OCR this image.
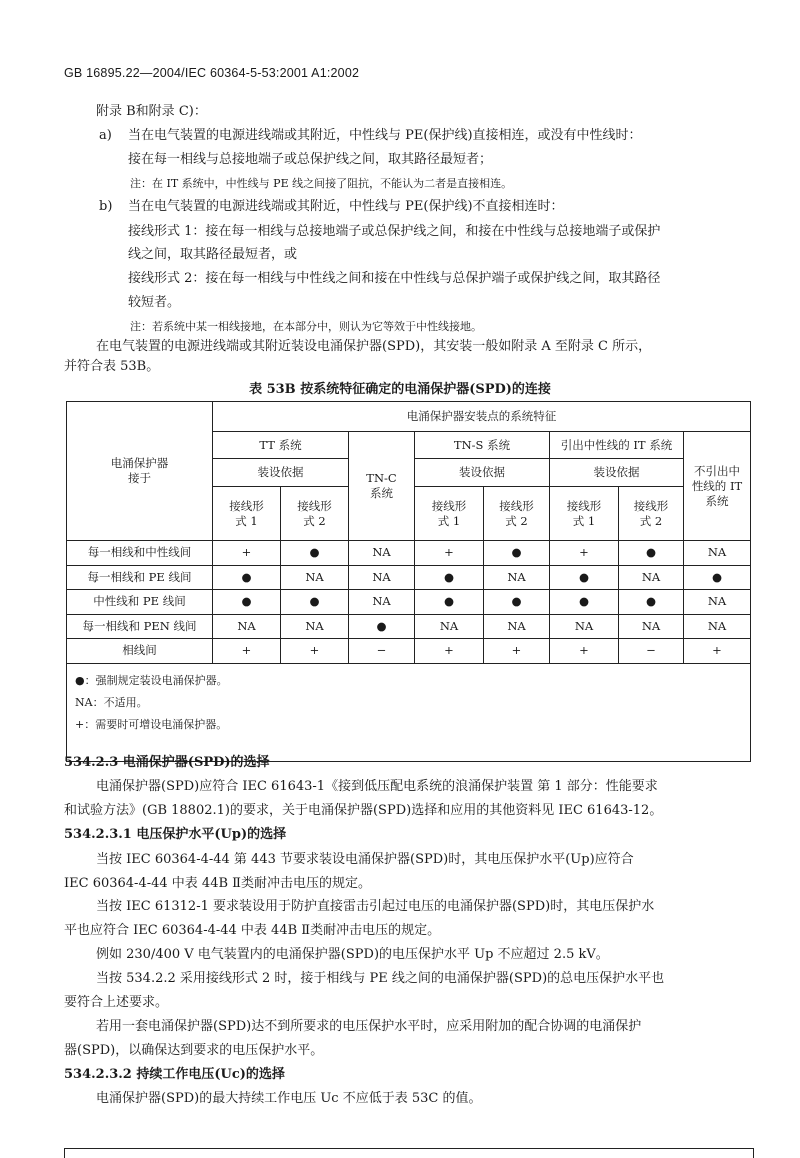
GB 16895.22—2004/IEC 60364-5-53:2001 A1:2002
附录 B和附录 C)：
a) 当在电气装置的电源进线端或其附近，中性线与 PE(保护线)直接相连，或没有中性线时：
接在每一相线与总接地端子或总保护线之间，取其路径最短者；
注：在 IT 系统中，中性线与 PE 线之间接了阻抗，不能认为二者是直接相连。
b) 当在电气装置的电源进线端或其附近，中性线与 PE(保护线)不直接相连时：
接线形式 1：接在每一相线与总接地端子或总保护线之间，和接在中性线与总接地端子或保护
线之间，取其路径最短者，或
接线形式 2：接在每一相线与中性线之间和接在中性线与总保护端子或保护线之间，取其路径
较短者。
注：若系统中某一相线接地，在本部分中，则认为它等效于中性线接地。
在电气装置的电源进线端或其附近装设电涌保护器(SPD)，其安装一般如附录 A 至附录 C 所示，
并符合表 53B。
表 53B 按系统特征确定的电涌保护器(SPD)的连接
电涌保护器接于	电涌保护器安装点的系统特征							
	TT 系统		TN-C 系统	TN-S 系统		引出中性线的 IT 系统		不引出中性线的 IT 系统
	装设依据			装设依据		装设依据		
	接线形式 1	接线形式 2		接线形式 1	接线形式 2	接线形式 1	接线形式 2	
每一相线和中性线间	+	●	NA	+	●	+	●	NA
每一相线和 PE 线间	●	NA	NA	●	NA	●	NA	●
中性线和 PE 线间	●	●	NA	●	●	●	●	NA
每一相线和 PEN 线间	NA	NA	●	NA	NA	NA	NA	NA
相线间	+	+	−	+	+	+	−	+

●：强制规定装设电涌保护器。
NA：不适用。
+：需要时可增设电涌保护器。								
534.2.3 电涌保护器(SPD)的选择
电涌保护器(SPD)应符合 IEC 61643-1《接到低压配电系统的浪涌保护装置 第 1 部分：性能要求
和试验方法》(GB 18802.1)的要求，关于电涌保护器(SPD)选择和应用的其他资料见 IEC 61643-12。
534.2.3.1 电压保护水平(Up)的选择
当按 IEC 60364-4-44 第 443 节要求装设电涌保护器(SPD)时，其电压保护水平(Up)应符合
IEC 60364-4-44 中表 44B Ⅱ类耐冲击电压的规定。
当按 IEC 61312-1 要求装设用于防护直接雷击引起过电压的电涌保护器(SPD)时，其电压保护水
平也应符合 IEC 60364-4-44 中表 44B Ⅱ类耐冲击电压的规定。
例如 230/400 V 电气装置内的电涌保护器(SPD)的电压保护水平 Up 不应超过 2.5 kV。
当按 534.2.2 采用接线形式 2 时，接于相线与 PE 线之间的电涌保护器(SPD)的总电压保护水平也
要符合上述要求。
若用一套电涌保护器(SPD)达不到所要求的电压保护水平时，应采用附加的配合协调的电涌保护
器(SPD)，以确保达到要求的电压保护水平。
534.2.3.2 持续工作电压(Uc)的选择
电涌保护器(SPD)的最大持续工作电压 Uc 不应低于表 53C 的值。
